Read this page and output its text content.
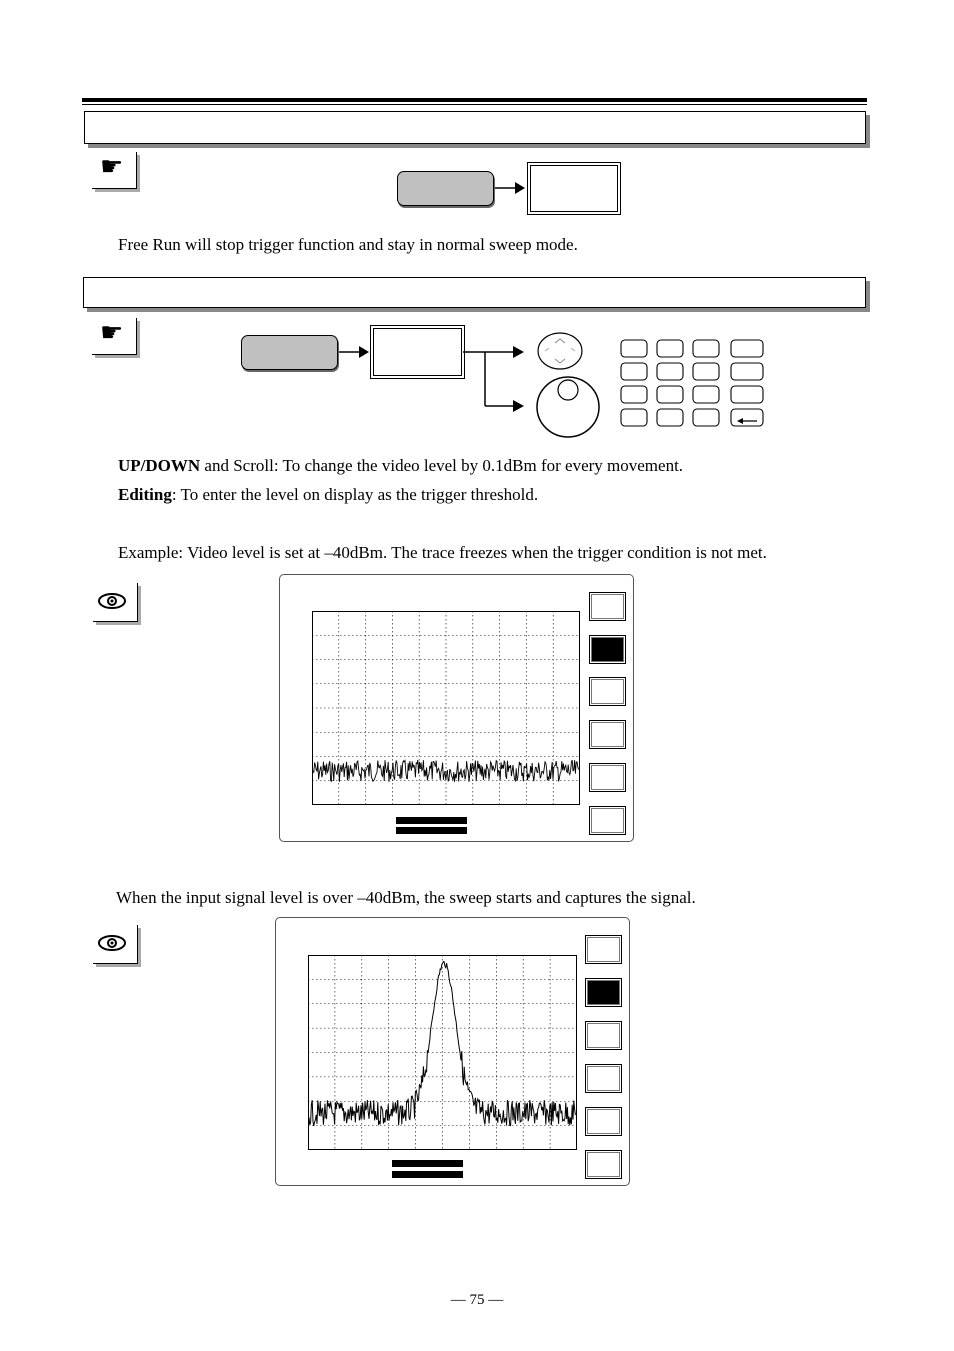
☛
Free Run will stop trigger function and stay in normal sweep mode.
☛
UP/DOWN and Scroll: To change the video level by 0.1dBm for every movement.
Editing: To enter the level on display as the trigger threshold.
Example: Video level is set at –40dBm. The trace freezes when the trigger condition is not met.
When the input signal level is over –40dBm, the sweep starts and captures the signal.
— 75 —
